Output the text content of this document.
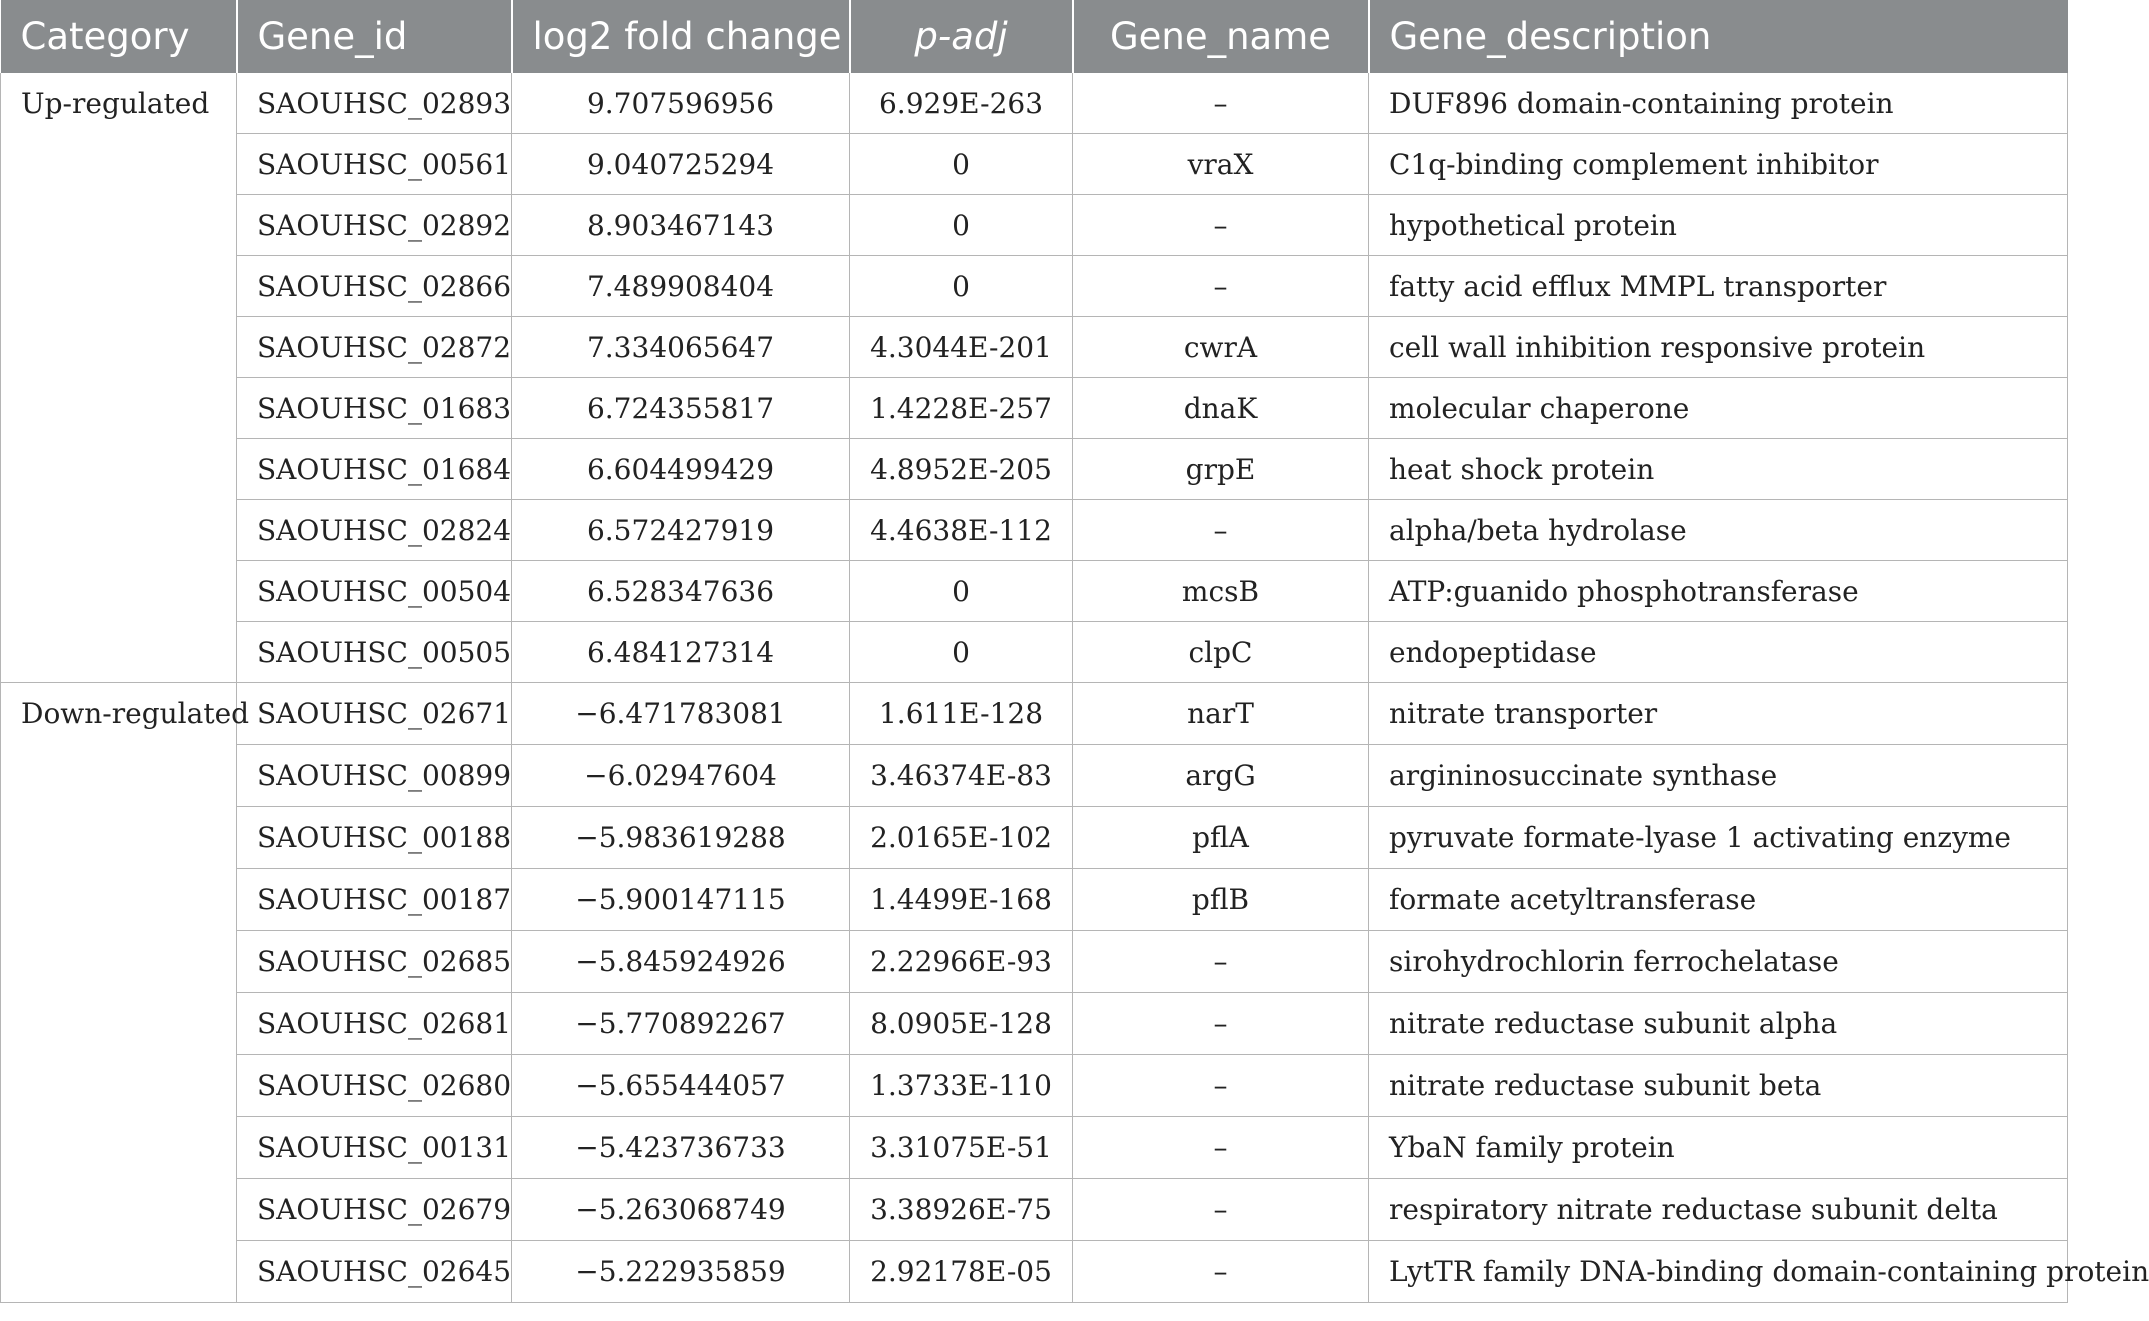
Category	Gene_id	log2 fold change	p-adj	Gene_name	Gene_description
Up-regulated	SAOUHSC_02893	9.707596956	6.929E-263	–	DUF896 domain-containing protein
	SAOUHSC_00561	9.040725294	0	vraX	C1q-binding complement inhibitor
	SAOUHSC_02892	8.903467143	0	–	hypothetical protein
	SAOUHSC_02866	7.489908404	0	–	fatty acid efflux MMPL transporter
	SAOUHSC_02872	7.334065647	4.3044E-201	cwrA	cell wall inhibition responsive protein
	SAOUHSC_01683	6.724355817	1.4228E-257	dnaK	molecular chaperone
	SAOUHSC_01684	6.604499429	4.8952E-205	grpE	heat shock protein
	SAOUHSC_02824	6.572427919	4.4638E-112	–	alpha/beta hydrolase
	SAOUHSC_00504	6.528347636	0	mcsB	ATP:guanido phosphotransferase
	SAOUHSC_00505	6.484127314	0	clpC	endopeptidase
Down-regulated	SAOUHSC_02671	−6.471783081	1.611E-128	narT	nitrate transporter
	SAOUHSC_00899	−6.02947604	3.46374E-83	argG	argininosuccinate synthase
	SAOUHSC_00188	−5.983619288	2.0165E-102	pflA	pyruvate formate-lyase 1 activating enzyme
	SAOUHSC_00187	−5.900147115	1.4499E-168	pflB	formate acetyltransferase
	SAOUHSC_02685	−5.845924926	2.22966E-93	–	sirohydrochlorin ferrochelatase
	SAOUHSC_02681	−5.770892267	8.0905E-128	–	nitrate reductase subunit alpha
	SAOUHSC_02680	−5.655444057	1.3733E-110	–	nitrate reductase subunit beta
	SAOUHSC_00131	−5.423736733	3.31075E-51	–	YbaN family protein
	SAOUHSC_02679	−5.263068749	3.38926E-75	–	respiratory nitrate reductase subunit delta
	SAOUHSC_02645	−5.222935859	2.92178E-05	–	LytTR family DNA-binding domain-containing protein
